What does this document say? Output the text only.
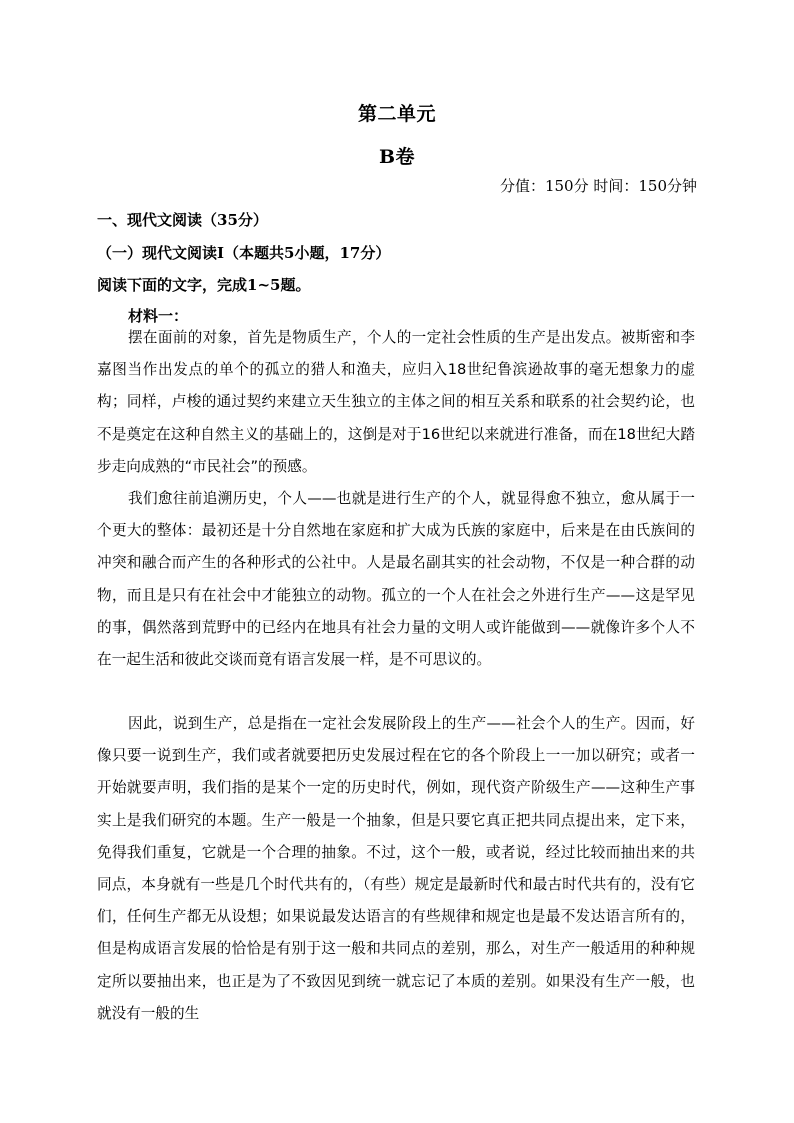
第二单元
B卷
分值：150分 时间：150分钟
一、现代文阅读（35分）
（一）现代文阅读Ⅰ（本题共5小题，17分）
阅读下面的文字，完成1~5题。
材料一：

摆在面前的对象，首先是物质生产，个人的一定社会性质的生产是出发点。被斯密和李嘉图当作出发点的单个的孤立的猎人和渔夫，应归入18世纪鲁滨逊故事的毫无想象力的虚构；同样，卢梭的通过契约来建立天生独立的主体之间的相互关系和联系的社会契约论，也不是奠定在这种自然主义的基础上的，这倒是对于16世纪以来就进行准备，而在18世纪大踏步走向成熟的“市民社会”的预感。

我们愈往前追溯历史，个人——也就是进行生产的个人，就显得愈不独立，愈从属于一个更大的整体：最初还是十分自然地在家庭和扩大成为氏族的家庭中，后来是在由氏族间的冲突和融合而产生的各种形式的公社中。人是最名副其实的社会动物，不仅是一种合群的动物，而且是只有在社会中才能独立的动物。孤立的一个人在社会之外进行生产——这是罕见的事，偶然落到荒野中的已经内在地具有社会力量的文明人或许能做到——就像许多个人不在一起生活和彼此交谈而竟有语言发展一样，是不可思议的。

因此，说到生产，总是指在一定社会发展阶段上的生产——社会个人的生产。因而，好像只要一说到生产，我们或者就要把历史发展过程在它的各个阶段上一一加以研究；或者一开始就要声明，我们指的是某个一定的历史时代，例如，现代资产阶级生产——这种生产事实上是我们研究的本题。生产一般是一个抽象，但是只要它真正把共同点提出来，定下来，免得我们重复，它就是一个合理的抽象。不过，这个一般，或者说，经过比较而抽出来的共同点，本身就有一些是几个时代共有的，（有些）规定是最新时代和最古时代共有的，没有它们，任何生产都无从设想；如果说最发达语言的有些规律和规定也是最不发达语言所有的，但是构成语言发展的恰恰是有别于这一般和共同点的差别，那么，对生产一般适用的种种规定所以要抽出来，也正是为了不致因见到统一就忘记了本质的差别。如果没有生产一般，也就没有一般的生
